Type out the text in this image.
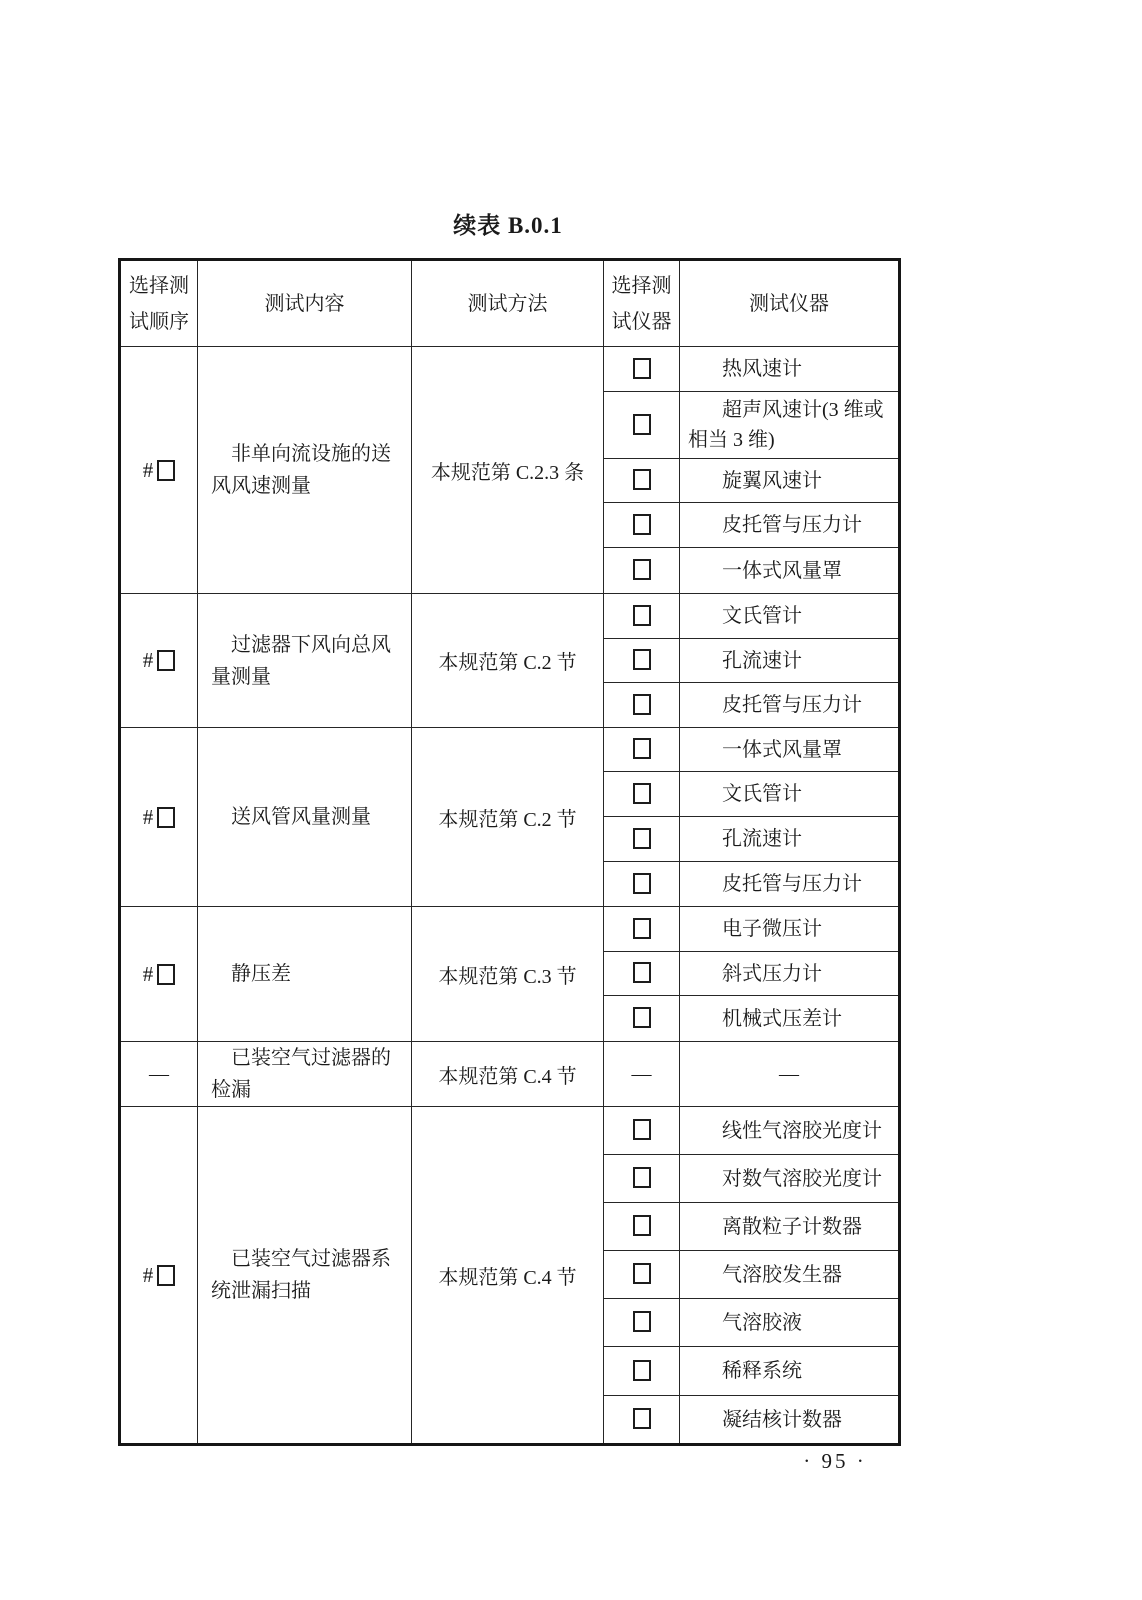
续表 B.0.1
选择测试顺序	测试内容	测试方法	选择测试仪器	测试仪器
#	非单向流设施的送风风速测量	本规范第 C.2.3 条		热风速计
				超声风速计(3 维或相当 3 维)
				旋翼风速计
				皮托管与压力计
				一体式风量罩
#	过滤器下风向总风量测量	本规范第 C.2 节		文氏管计
				孔流速计
				皮托管与压力计
#	送风管风量测量	本规范第 C.2 节		一体式风量罩
				文氏管计
				孔流速计
				皮托管与压力计
#	静压差	本规范第 C.3 节		电子微压计
				斜式压力计
				机械式压差计
—	已装空气过滤器的检漏	本规范第 C.4 节	—	—
#	已装空气过滤器系统泄漏扫描	本规范第 C.4 节		线性气溶胶光度计
				对数气溶胶光度计
				离散粒子计数器
				气溶胶发生器
				气溶胶液
				稀释系统
				凝结核计数器
· 95 ·
